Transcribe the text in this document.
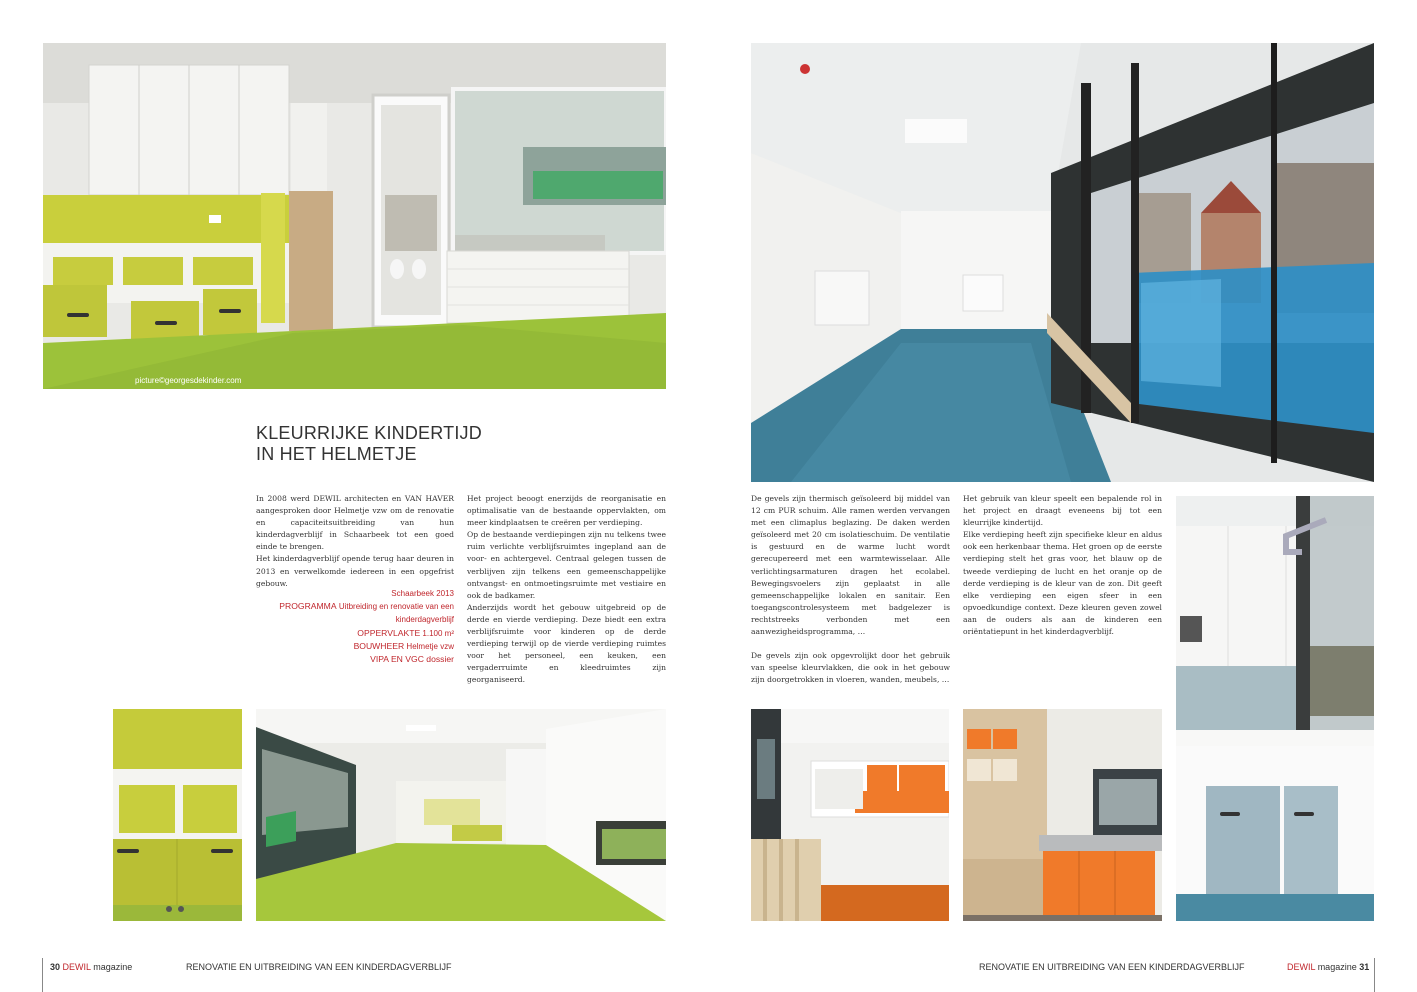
picture©georgesdekinder.com
KLEURRIJKE KINDERTIJD
IN HET HELMETJE

In 2008 werd DEWIL architecten en VAN HAVER aangesproken door Helmetje vzw om de renovatie en capaciteitsuitbreiding van hun kinderdagverblijf in Schaarbeek tot een goed einde te brengen.

Het kinderdagverblijf opende terug haar deuren in 2013 en verwelkomde iedereen in een opgefrist gebouw.

Schaarbeek 2013
PROGRAMMA Uitbreiding en renovatie van een kinderdagverblijf
OPPERVLAKTE 1.100 m²
BOUWHEER Helmetje vzw
VIPA EN VGC dossier

Het project beoogt enerzijds de reorganisatie en optimalisatie van de bestaande oppervlakten, om meer kindplaatsen te creëren per verdieping.

Op de bestaande verdiepingen zijn nu telkens twee ruim verlichte verblijfsruimtes ingepland aan de voor- en achtergevel. Centraal gelegen tussen de verblijven zijn telkens een gemeenschappelijke ontvangst- en ontmoetingsruimte met vestiaire en ook de badkamer.

Anderzijds wordt het gebouw uitgebreid op de derde en vierde verdieping. Deze biedt een extra verblijfsruimte voor kinderen op de derde verdieping terwijl op de vierde verdieping ruimtes voor het personeel, een keuken, een vergaderruimte en kleedruimtes zijn georganiseerd.

30 DEWIL magazine	RENOVATIE EN UITBREIDING VAN EEN KINDERDAGVERBLIJF

De gevels zijn thermisch geïsoleerd bij middel van 12 cm PUR schuim. Alle ramen werden vervangen met een climaplus beglazing. De daken werden geïsoleerd met 20 cm isolatieschuim. De ventilatie is gestuurd en de warme lucht wordt gerecupereerd met een warmtewisselaar. Alle verlichtingsarmaturen dragen het ecolabel. Bewegingsvoelers zijn geplaatst in alle gemeenschappelijke lokalen en sanitair. Een toegangscontrolesysteem met badgelezer is rechtstreeks verbonden met een aanwezigheidsprogramma, …

De gevels zijn ook opgevrolijkt door het gebruik van speelse kleurvlakken, die ook in het gebouw zijn doorgetrokken in vloeren, wanden, meubels, …

Het gebruik van kleur speelt een bepalende rol in het project en draagt eveneens bij tot een kleurrijke kindertijd.

Elke verdieping heeft zijn specifieke kleur en aldus ook een herkenbaar thema. Het groen op de eerste verdieping stelt het gras voor, het blauw op de tweede verdieping de lucht en het oranje op de derde verdieping is de kleur van de zon. Dit geeft elke verdieping een eigen sfeer in een opvoedkundige context. Deze kleuren geven zowel aan de ouders als aan de kinderen een oriëntatiepunt in het kinderdagverblijf.

RENOVATIE EN UITBREIDING VAN EEN KINDERDAGVERBLIJF	DEWIL magazine 31
